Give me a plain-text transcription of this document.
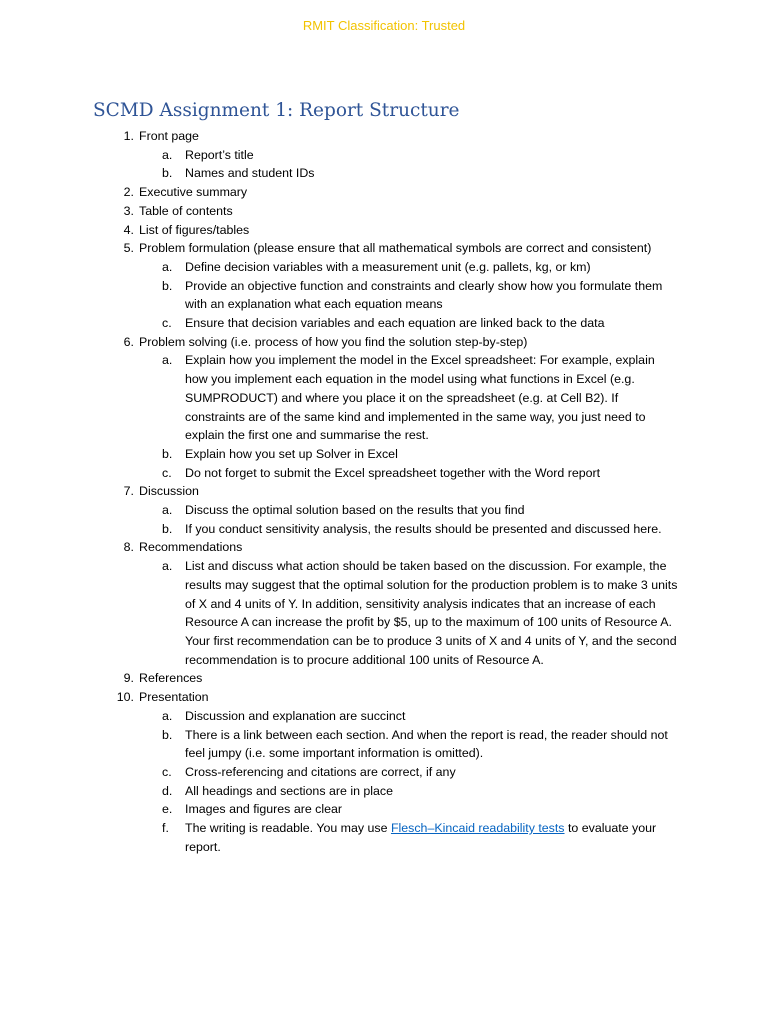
RMIT Classification: Trusted
SCMD Assignment 1: Report Structure
1. Front page
a. Report’s title
b. Names and student IDs
2. Executive summary
3. Table of contents
4. List of figures/tables
5. Problem formulation (please ensure that all mathematical symbols are correct and consistent)
a. Define decision variables with a measurement unit (e.g. pallets, kg, or km)
b. Provide an objective function and constraints and clearly show how you formulate them with an explanation what each equation means
c. Ensure that decision variables and each equation are linked back to the data
6. Problem solving (i.e. process of how you find the solution step-by-step)
a. Explain how you implement the model in the Excel spreadsheet: For example, explain how you implement each equation in the model using what functions in Excel (e.g. SUMPRODUCT) and where you place it on the spreadsheet (e.g. at Cell B2). If constraints are of the same kind and implemented in the same way, you just need to explain the first one and summarise the rest.
b. Explain how you set up Solver in Excel
c. Do not forget to submit the Excel spreadsheet together with the Word report
7. Discussion
a. Discuss the optimal solution based on the results that you find
b. If you conduct sensitivity analysis, the results should be presented and discussed here.
8. Recommendations
a. List and discuss what action should be taken based on the discussion. For example, the results may suggest that the optimal solution for the production problem is to make 3 units of X and 4 units of Y. In addition, sensitivity analysis indicates that an increase of each Resource A can increase the profit by $5, up to the maximum of 100 units of Resource A. Your first recommendation can be to produce 3 units of X and 4 units of Y, and the second recommendation is to procure additional 100 units of Resource A.
9. References
10. Presentation
a. Discussion and explanation are succinct
b. There is a link between each section. And when the report is read, the reader should not feel jumpy (i.e. some important information is omitted).
c. Cross-referencing and citations are correct, if any
d. All headings and sections are in place
e. Images and figures are clear
f. The writing is readable. You may use Flesch–Kincaid readability tests to evaluate your report.
